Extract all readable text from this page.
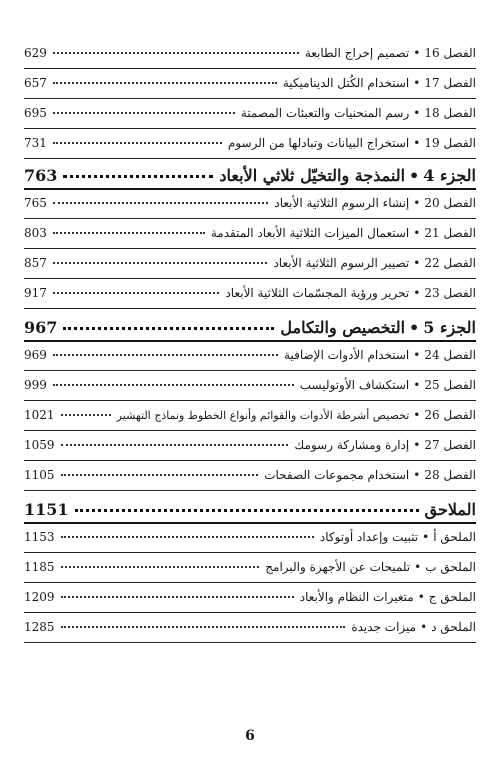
الفصل 16
•
تصميم إخراج الطابعة
629
الفصل 17
•
استخدام الكُتل الديناميكية
657
الفصل 18
•
رسم المنحنيات والتعبئات المصمتة
695
الفصل 19
•
استخراج البيانات وتبادلها من الرسوم
731
الجزء 4
•
النمذجة والتخيّل ثلاثي الأبعاد
763
الفصل 20
•
إنشاء الرسوم الثلاثية الأبعاد
765
الفصل 21
•
استعمال الميزات الثلاثية الأبعاد المتقدمة
803
الفصل 22
•
تصيير الرسوم الثلاثية الأبعاد
857
الفصل 23
•
تحرير ورؤية المجسّمات الثلاثية الأبعاد
917
الجزء 5
•
التخصيص والتكامل
967
الفصل 24
•
استخدام الأدوات الإضافية
969
الفصل 25
•
استكشاف الأوتوليسب
999
الفصل 26
•
تخصيص أشرطة الأدوات والقوائم وأنواع الخطوط ونماذج التهشير
1021
الفصل 27
•
إدارة ومشاركة رسومك
1059
الفصل 28
•
استخدام مجموعات الصفحات
1105
الملاحق
1151
الملحق أ
•
تثبيت وإعداد أوتوكاد
1153
الملحق ب
•
تلميحات عن الأجهزة والبرامج
1185
الملحق ج
•
متغيرات النظام والأبعاد
1209
الملحق د
•
ميزات جديدة
1285
6
